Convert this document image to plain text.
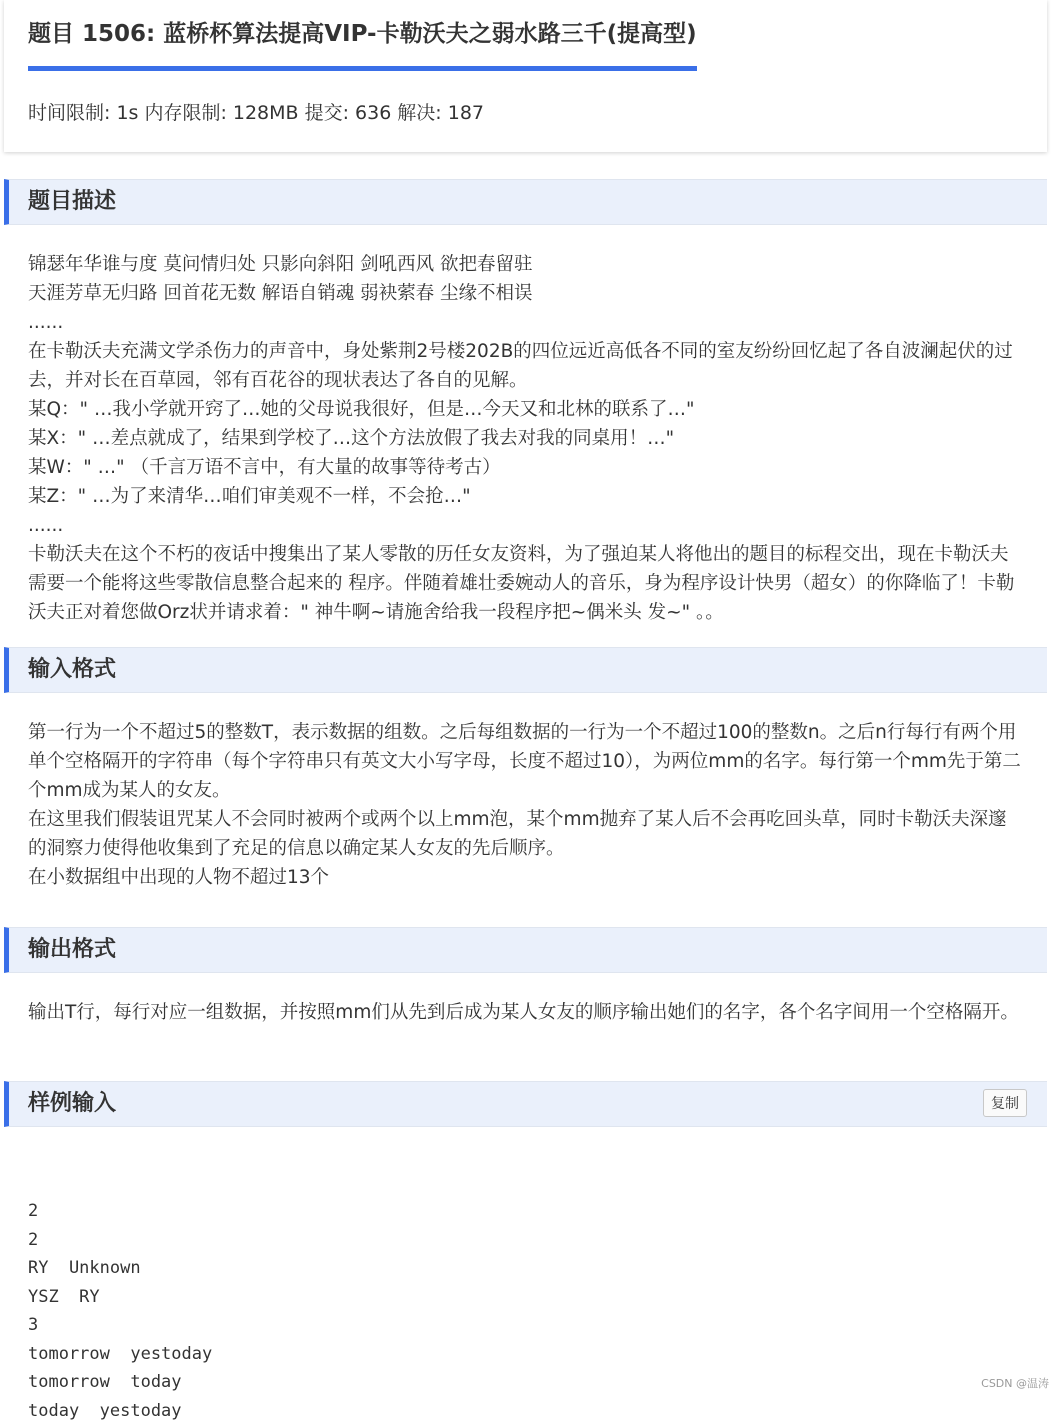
题目 1506: 蓝桥杯算法提高VIP-卡勒沃夫之弱水路三千(提高型)
时间限制: 1s 内存限制: 128MB 提交: 636 解决: 187
题目描述

锦瑟年华谁与度 莫问情归处 只影向斜阳 剑吼西风 欲把春留驻

天涯芳草无归路 回首花无数 解语自销魂 弱袂萦春 尘缘不相误

......

在卡勒沃夫充满文学杀伤力的声音中，身处紫荆2号楼202B的四位远近高低各不同的室友纷纷回忆起了各自波澜起伏的过去，并对长在百草园，邻有百花谷的现状表达了各自的见解。

某Q：" …我小学就开窍了…她的父母说我很好，但是…今天又和北林的联系了…"

某X：" …差点就成了，结果到学校了…这个方法放假了我去对我的同桌用！…"

某W：" …" （千言万语不言中，有大量的故事等待考古）

某Z：" …为了来清华…咱们审美观不一样，不会抢…"

......

卡勒沃夫在这个不朽的夜话中搜集出了某人零散的历任女友资料，为了强迫某人将他出的题目的标程交出，现在卡勒沃夫需要一个能将这些零散信息整合起来的 程序。伴随着雄壮委婉动人的音乐，身为程序设计快男（超女）的你降临了！卡勒沃夫正对着您做Orz状并请求着：" 神牛啊~请施舍给我一段程序把~偶米头 发~" 。。

输入格式

第一行为一个不超过5的整数T，表示数据的组数。之后每组数据的一行为一个不超过100的整数n。之后n行每行有两个用单个空格隔开的字符串（每个字符串只有英文大小写字母，长度不超过10），为两位mm的名字。每行第一个mm先于第二个mm成为某人的女友。

在这里我们假装诅咒某人不会同时被两个或两个以上mm泡，某个mm抛弃了某人后不会再吃回头草，同时卡勒沃夫深邃的洞察力使得他收集到了充足的信息以确定某人女友的先后顺序。

在小数据组中出现的人物不超过13个

输出格式

输出T行，每行对应一组数据，并按照mm们从先到后成为某人女友的顺序输出她们的名字，各个名字间用一个空格隔开。

样例输入	复制
2
2
RY  Unknown
YSZ  RY
3
tomorrow  yestoday
tomorrow  today
today  yestoday
CSDN @温涛
